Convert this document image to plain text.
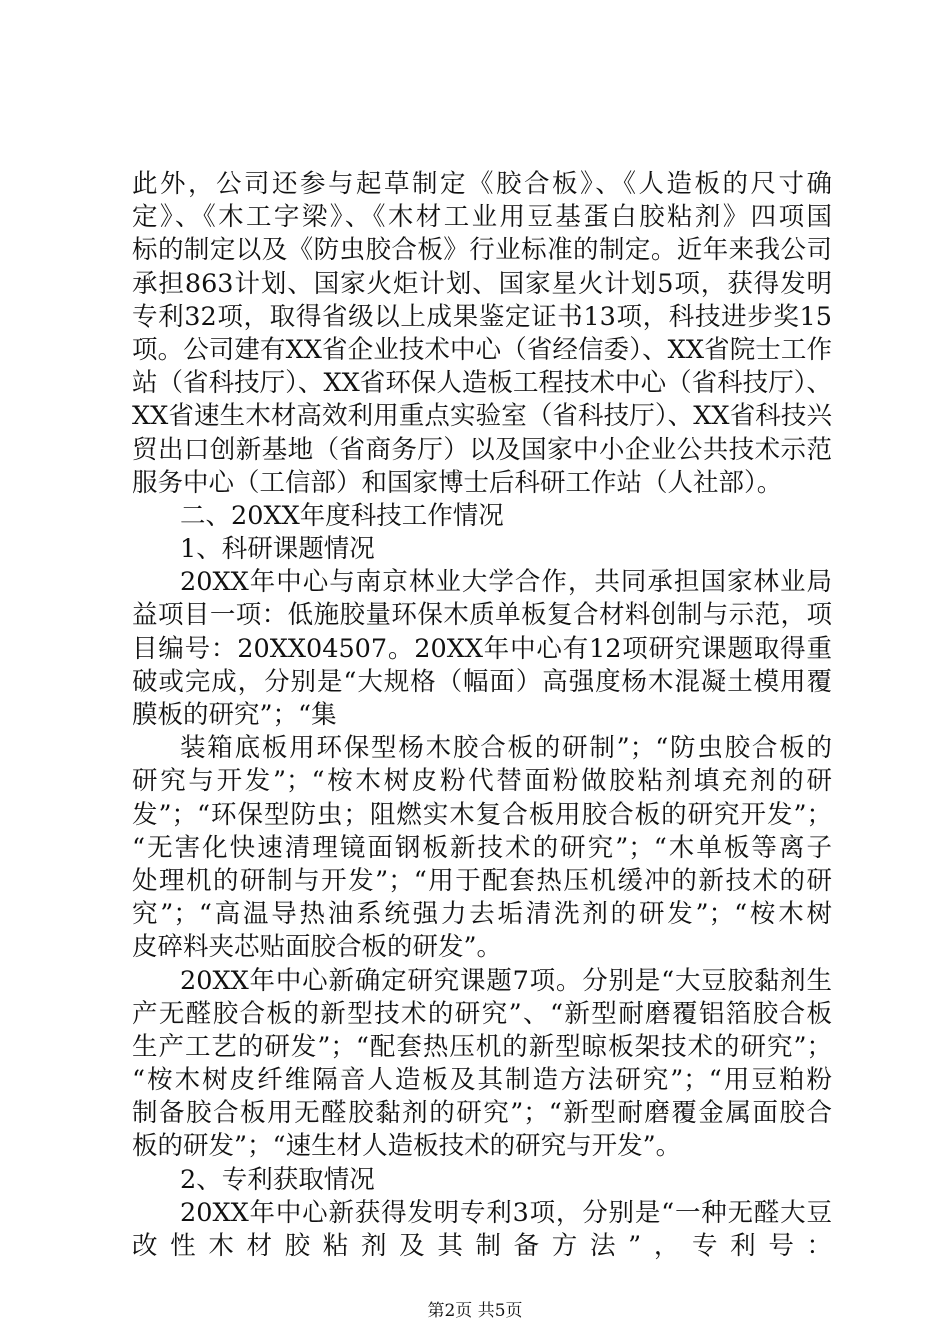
此外，公司还参与起草制定《胶合板》、《人造板的尺寸确
定》、《木工字梁》、《木材工业用豆基蛋白胶粘剂》四项国
标的制定以及《防虫胶合板》行业标准的制定。近年来我公司
承担863计划、国家火炬计划、国家星火计划5项，获得发明
专利32项，取得省级以上成果鉴定证书13项，科技进步奖15
项。公司建有XX省企业技术中心（省经信委）、XX省院士工作
站（省科技厅）、XX省环保人造板工程技术中心（省科技厅）、
XX省速生木材高效利用重点实验室（省科技厅）、XX省科技兴
贸出口创新基地（省商务厅）以及国家中小企业公共技术示范
服务中心（工信部）和国家博士后科研工作站（人社部）。
二、20XX年度科技工作情况
1、科研课题情况
20XX年中心与南京林业大学合作，共同承担国家林业局
益项目一项：低施胶量环保木质单板复合材料创制与示范，项
目编号：20XX04507。20XX年中心有12项研究课题取得重
破或完成，分别是“大规格（幅面）高强度杨木混凝土模用覆
膜板的研究”；“集
装箱底板用环保型杨木胶合板的研制”；“防虫胶合板的
研究与开发”；“桉木树皮粉代替面粉做胶粘剂填充剂的研
发”；“环保型防虫；阻燃实木复合板用胶合板的研究开发”；
“无害化快速清理镜面钢板新技术的研究”；“木单板等离子
处理机的研制与开发”；“用于配套热压机缓冲的新技术的研
究”；“高温导热油系统强力去垢清洗剂的研发”；“桉木树
皮碎料夹芯贴面胶合板的研发”。
20XX年中心新确定研究课题7项。分别是“大豆胶黏剂生
产无醛胶合板的新型技术的研究”、“新型耐磨覆铝箔胶合板
生产工艺的研发”；“配套热压机的新型晾板架技术的研究”；
“桉木树皮纤维隔音人造板及其制造方法研究”；“用豆粕粉
制备胶合板用无醛胶黏剂的研究”；“新型耐磨覆金属面胶合
板的研发”；“速生材人造板技术的研究与开发”。
2、专利获取情况
20XX年中心新获得发明专利3项，分别是“一种无醛大豆
改性木材胶粘剂及其制备方法”，专利号：
第2页 共5页
